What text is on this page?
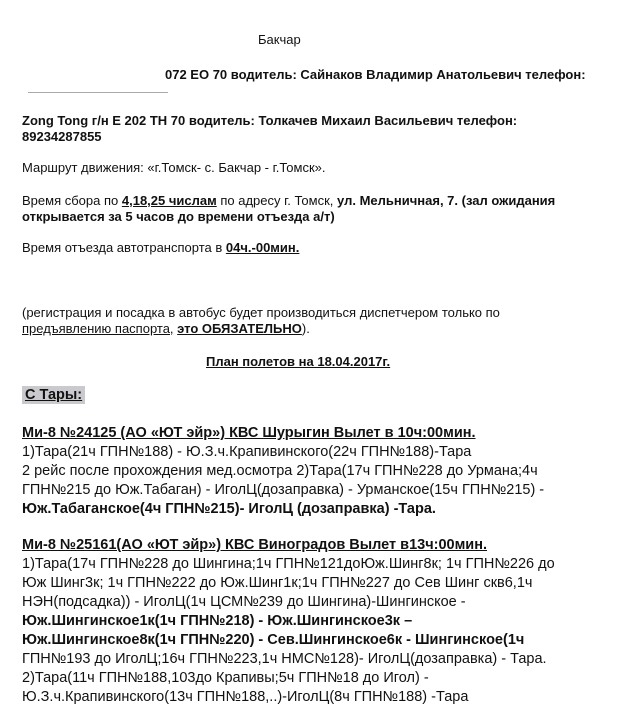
Бакчар
072 ЕО 70 водитель: Сайнаков Владимир Анатольевич телефон:
Zong Tong г/н Е 202 ТН 70 водитель: Толкачев Михаил Васильевич телефон:
89234287855
Маршрут движения: «г.Томск- с. Бакчар - г.Томск».
Время сбора по 4,18,25 числам по адресу г. Томск, ул. Мельничная, 7. (зал ожидания
открывается за 5 часов до времени отъезда а/т)
Время отъезда автотранспорта в 04ч.-00мин.
(регистрация и посадка в автобус будет производиться диспетчером только по
предъявлению паспорта, это ОБЯЗАТЕЛЬНО).
План полетов на 18.04.2017г.
С Тары:
Ми-8 №24125 (АО «ЮТ эйр») КВС Шурыгин Вылет в 10ч:00мин.
1)Тара(21ч ГПН№188) - Ю.З.ч.Крапивинского(22ч ГПН№188)-Тара
2 рейс после прохождения мед.осмотра 2)Тара(17ч ГПН№228 до Урмана;4ч
ГПН№215 до Юж.Табаган) - ИголЦ(дозаправка) - Урманское(15ч ГПН№215) -
Юж.Табаганское(4ч ГПН№215)- ИголЦ (дозаправка) -Тара.
Ми-8 №25161(АО «ЮТ эйр») КВС Виноградов Вылет в13ч:00мин.
1)Тара(17ч ГПН№228 до Шингина;1ч ГПН№121доЮж.Шинг8к; 1ч ГПН№226 до
Юж Шинг3к; 1ч ГПН№222 до Юж.Шинг1к;1ч ГПН№227 до Сев Шинг скв6,1ч
НЭН(подсадка)) - ИголЦ(1ч ЦСМ№239 до Шингина)-Шингинское -
Юж.Шингинское1к(1ч ГПН№218) - Юж.Шингинское3к –
Юж.Шингинское8к(1ч ГПН№220) - Сев.Шингинское6к - Шингинское(1ч
ГПН№193 до ИголЦ;16ч ГПН№223,1ч НМС№128)- ИголЦ(дозаправка) - Тара.
2)Тара(11ч ГПН№188,103до Крапивы;5ч ГПН№18 до Игол) -
Ю.З.ч.Крапивинского(13ч ГПН№188,..)-ИголЦ(8ч ГПН№188) -Тара
